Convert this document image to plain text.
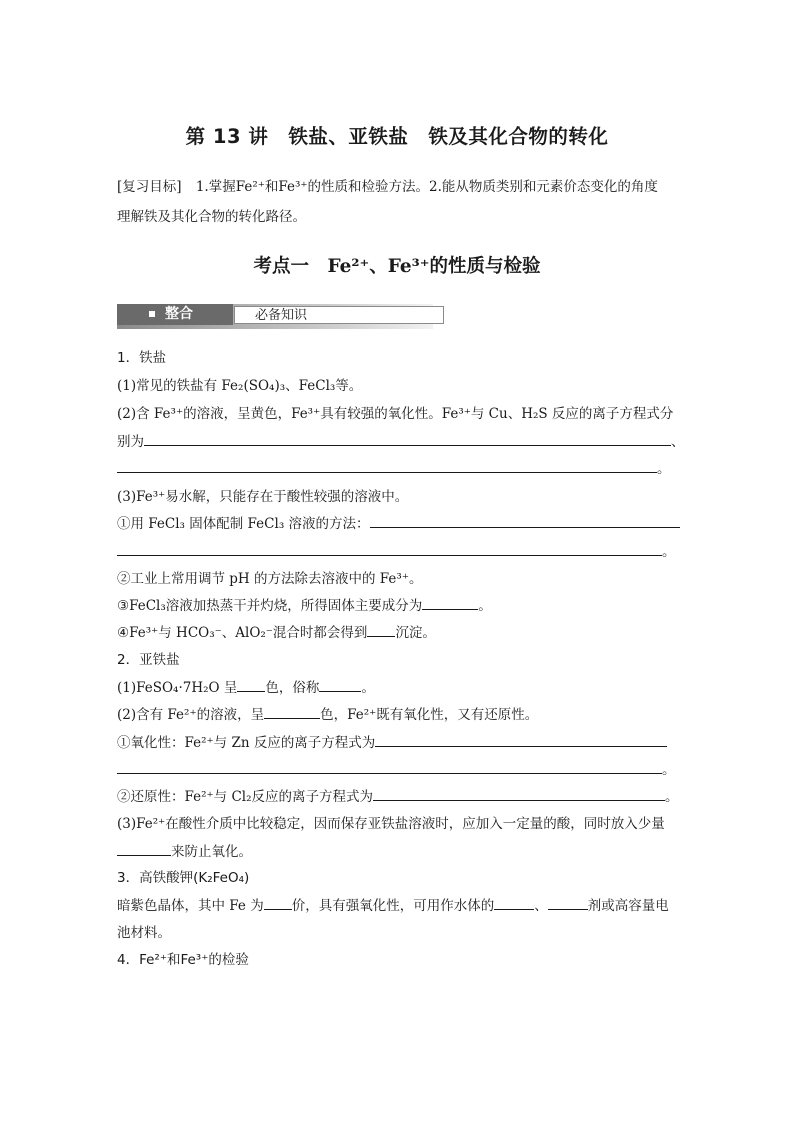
第 13 讲　铁盐、亚铁盐　铁及其化合物的转化
[复习目标] 1.掌握Fe²⁺和Fe³⁺的性质和检验方法。2.能从物质类别和元素价态变化的角度
理解铁及其化合物的转化路径。
考点一　Fe²⁺、Fe³⁺的性质与检验
整合	必备知识
1．铁盐
(1)常见的铁盐有 Fe₂(SO₄)₃、FeCl₃等。
(2)含 Fe³⁺的溶液，呈黄色，Fe³⁺具有较强的氧化性。Fe³⁺与 Cu、H₂S 反应的离子方程式分
别为	、
。
(3)Fe³⁺易水解，只能存在于酸性较强的溶液中。
①用 FeCl₃ 固体配制 FeCl₃ 溶液的方法：
。
②工业上常用调节 pH 的方法除去溶液中的 Fe³⁺。
③FeCl₃溶液加热蒸干并灼烧，所得固体主要成分为	。
④Fe³⁺与 HCO₃⁻、AlO₂⁻混合时都会得到 沉淀。
2．亚铁盐
(1)FeSO₄·7H₂O 呈 色，俗称	。
(2)含有 Fe²⁺的溶液，呈	色，Fe²⁺既有氧化性，又有还原性。
①氧化性：Fe²⁺与 Zn 反应的离子方程式为
。
②还原性：Fe²⁺与 Cl₂反应的离子方程式为	。
(3)Fe²⁺在酸性介质中比较稳定，因而保存亚铁盐溶液时，应加入一定量的酸，同时放入少量
来防止氧化。
3．高铁酸钾(K₂FeO₄)
暗紫色晶体，其中 Fe 为 价，具有强氧化性，可用作水体的	、	剂或高容量电
池材料。
4．Fe²⁺和Fe³⁺的检验
